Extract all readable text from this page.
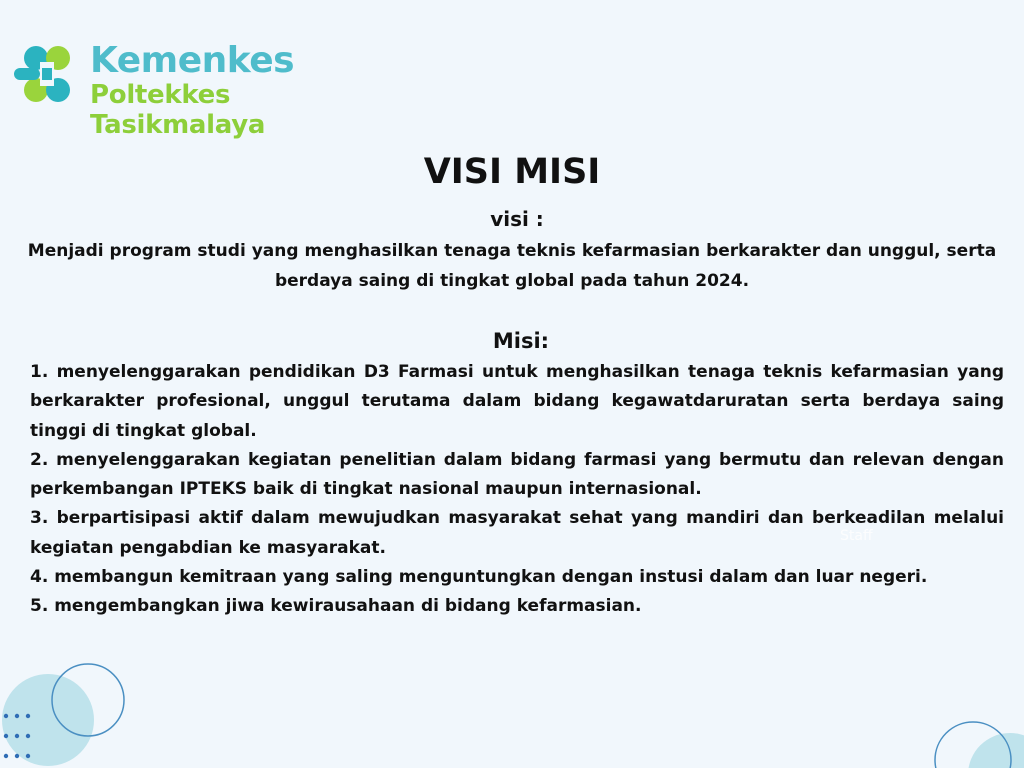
Kemenkes
Poltekkes Tasikmalaya
VISI MISI
visi :

Menjadi program studi yang menghasilkan tenaga teknis kefarmasian berkarakter dan unggul, serta berdaya saing di tingkat global pada tahun 2024.

Misi:
1. menyelenggarakan pendidikan D3 Farmasi untuk menghasilkan tenaga teknis kefarmasian yang berkarakter profesional, unggul terutama dalam bidang kegawatdaruratan serta berdaya saing tinggi di tingkat global.
2. menyelenggarakan kegiatan penelitian dalam bidang farmasi yang bermutu dan relevan dengan perkembangan IPTEKS baik di tingkat nasional maupun internasional.
3. berpartisipasi aktif dalam mewujudkan masyarakat sehat yang mandiri dan berkeadilan melalui kegiatan pengabdian ke masyarakat.
4. membangun kemitraan yang saling menguntungkan dengan instusi dalam dan luar negeri.
5. mengembangkan jiwa kewirausahaan di bidang kefarmasian.
Staff
